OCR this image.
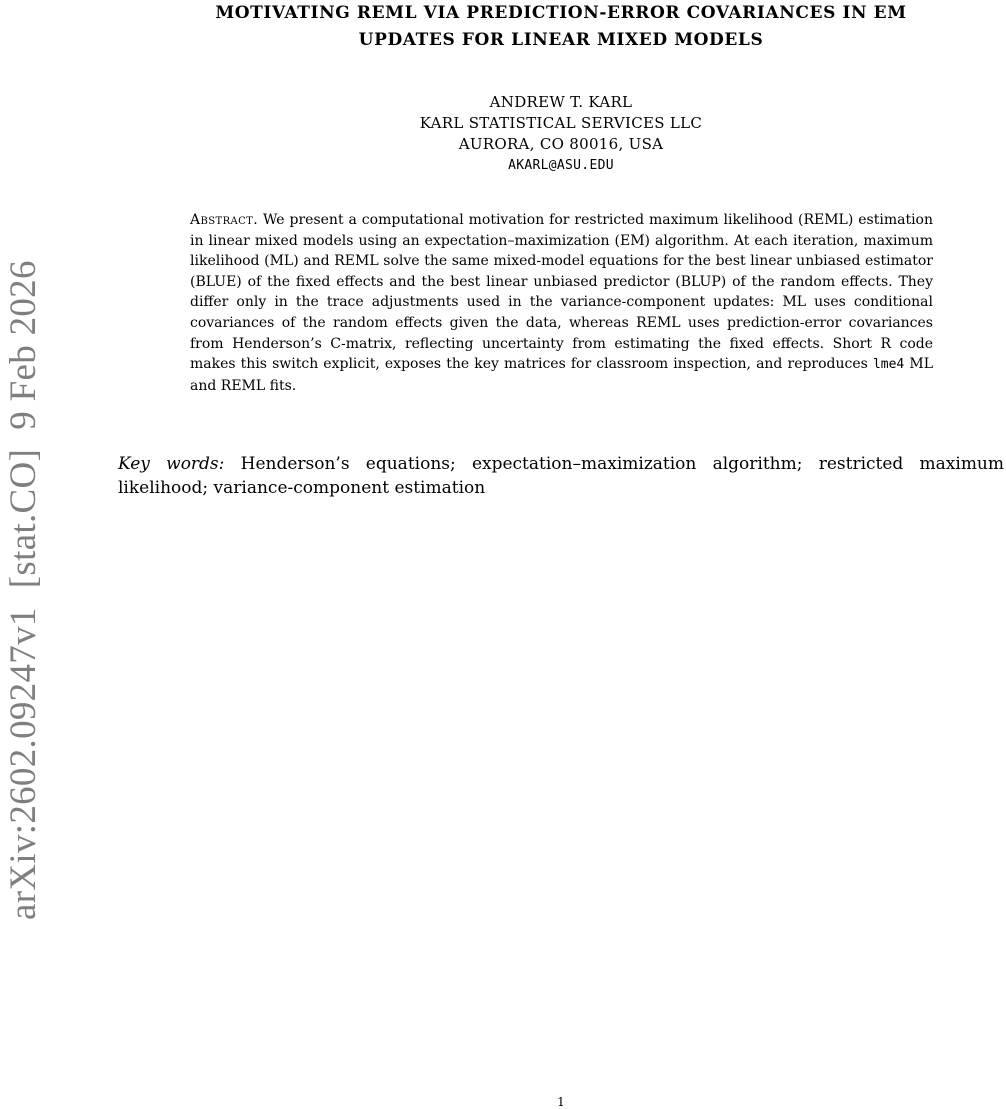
MOTIVATING REML VIA PREDICTION-ERROR COVARIANCES IN EM
UPDATES FOR LINEAR MIXED MODELS
ANDREW T. KARL
KARL STATISTICAL SERVICES LLC
AURORA, CO 80016, USA
AKARL@ASU.EDU
Abstract. We present a computational motivation for restricted maximum likelihood (REML) estimation in linear mixed models using an expectation–maximization (EM) algorithm. At each iteration, maximum likelihood (ML) and REML solve the same mixed-model equations for the best linear unbiased estimator (BLUE) of the fixed effects and the best linear unbiased predictor (BLUP) of the random effects. They differ only in the trace adjustments used in the variance-component updates: ML uses conditional covariances of the random effects given the data, whereas REML uses prediction-error covariances from Henderson’s C-matrix, reflecting uncertainty from estimating the fixed effects. Short R code makes this switch explicit, exposes the key matrices for classroom inspection, and reproduces lme4 ML and REML fits.
Key words: Henderson’s equations; expectation–maximization algorithm; restricted maximum likelihood; variance-component estimation
arXiv:2602.09247v1  [stat.CO]  9 Feb 2026
1
